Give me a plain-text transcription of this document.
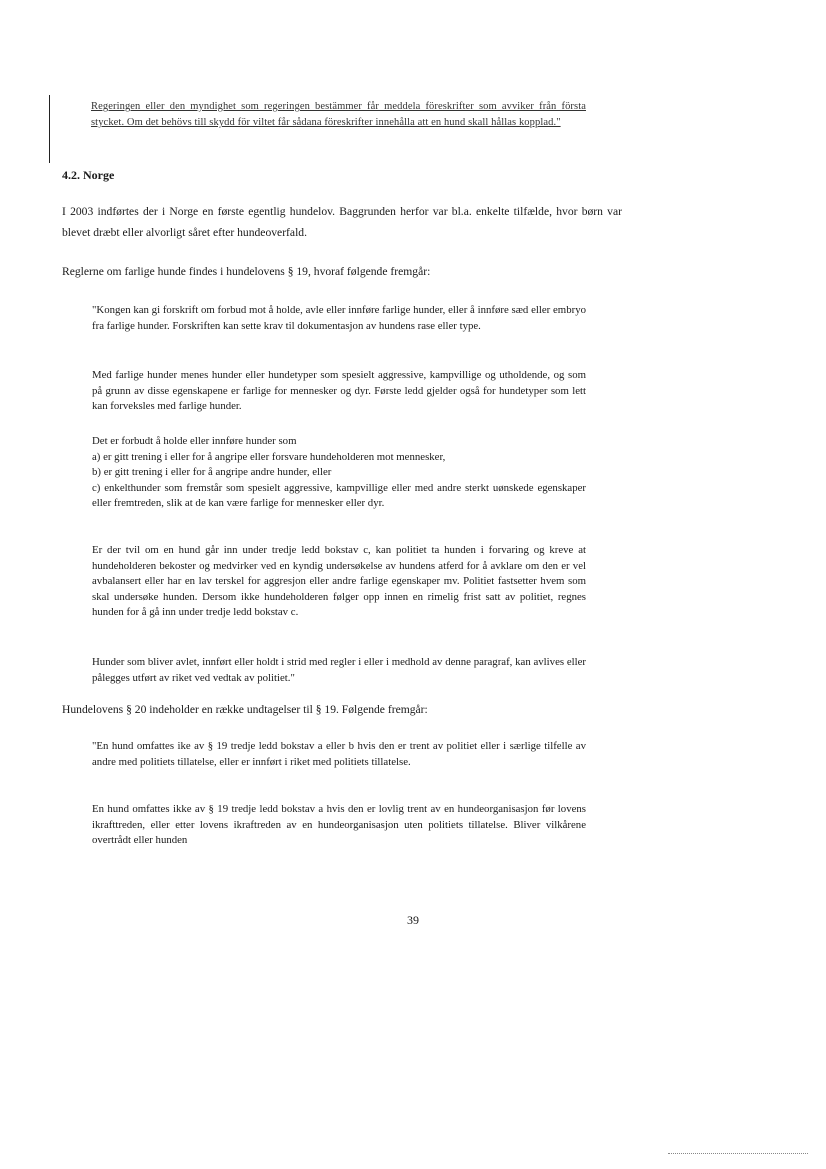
Regeringen eller den myndighet som regeringen bestämmer får meddela föreskrifter som avviker från första stycket. Om det behövs till skydd för viltet får sådana föreskrifter innehålla att en hund skall hållas kopplad."
4.2. Norge
I 2003 indførtes der i Norge en første egentlig hundelov. Baggrunden herfor var bl.a. enkelte tilfælde, hvor børn var blevet dræbt eller alvorligt såret efter hundeoverfald.
Reglerne om farlige hunde findes i hundelovens § 19, hvoraf følgende fremgår:
"Kongen kan gi forskrift om forbud mot å holde, avle eller innføre farlige hunder, eller å innføre sæd eller embryo fra farlige hunder. Forskriften kan sette krav til dokumentasjon av hundens rase eller type.
Med farlige hunder menes hunder eller hundetyper som spesielt aggressive, kampvillige og utholdende, og som på grunn av disse egenskapene er farlige for mennesker og dyr. Første ledd gjelder også for hundetyper som lett kan forveksles med farlige hunder.
Det er forbudt å holde eller innføre hunder som
a) er gitt trening i eller for å angripe eller forsvare hundeholderen mot mennesker,
b) er gitt trening i eller for å angripe andre hunder, eller
c) enkelthunder som fremstår som spesielt aggressive, kampvillige eller med andre sterkt uønskede egenskaper eller fremtreden, slik at de kan være farlige for mennesker eller dyr.
Er der tvil om en hund går inn under tredje ledd bokstav c, kan politiet ta hunden i forvaring og kreve at hundeholderen bekoster og medvirker ved en kyndig undersøkelse av hundens atferd for å avklare om den er vel avbalansert eller har en lav terskel for aggresjon eller andre farlige egenskaper mv. Politiet fastsetter hvem som skal undersøke hunden. Dersom ikke hundeholderen følger opp innen en rimelig frist satt av politiet, regnes hunden for å gå inn under tredje ledd bokstav c.
Hunder som bliver avlet, innført eller holdt i strid med regler i eller i medhold av denne paragraf, kan avlives eller pålegges utført av riket ved vedtak av politiet."
Hundelovens § 20 indeholder en række undtagelser til § 19. Følgende fremgår:
"En hund omfattes ike av § 19 tredje ledd bokstav a eller b hvis den er trent av politiet eller i særlige tilfelle av andre med politiets tillatelse, eller er innført i riket med politiets tillatelse.
En hund omfattes ikke av § 19 tredje ledd bokstav a hvis den er lovlig trent av en hundeorganisasjon før lovens ikrafttreden, eller etter lovens ikraftreden av en hundeorganisasjon uten politiets tillatelse. Bliver vilkårene overtrådt eller hunden
39
